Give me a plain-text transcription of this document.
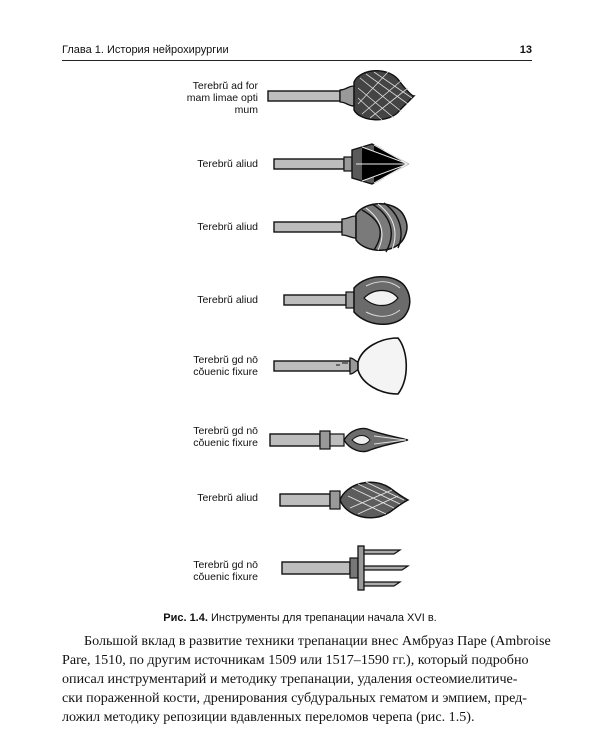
Глава 1. История нейрохирургии	13
Terebrŭ ad for
mam limae opti
mum
Terebrŭ aliud
Terebrŭ aliud
Terebrŭ aliud
Terebrŭ gd nō
cŏuenic fixure
Terebrŭ gd nō
cŏuenic fixure
Terebrŭ aliud
Terebrŭ gd nō
cŏuenic fixure
Рис. 1.4. Инструменты для трепанации начала XVI в.
Большой вклад в развитие техники трепанации внес Амбруаз Паре (Ambroise
Pare, 1510, по другим источникам 1509 или 1517–1590 гг.), который подробно
описал инструментарий и методику трепанации, удаления остеомиелитиче-
ски пораженной кости, дренирования субдуральных гематом и эмпием, пред-
ложил методику репозиции вдавленных переломов черепа (рис. 1.5).
